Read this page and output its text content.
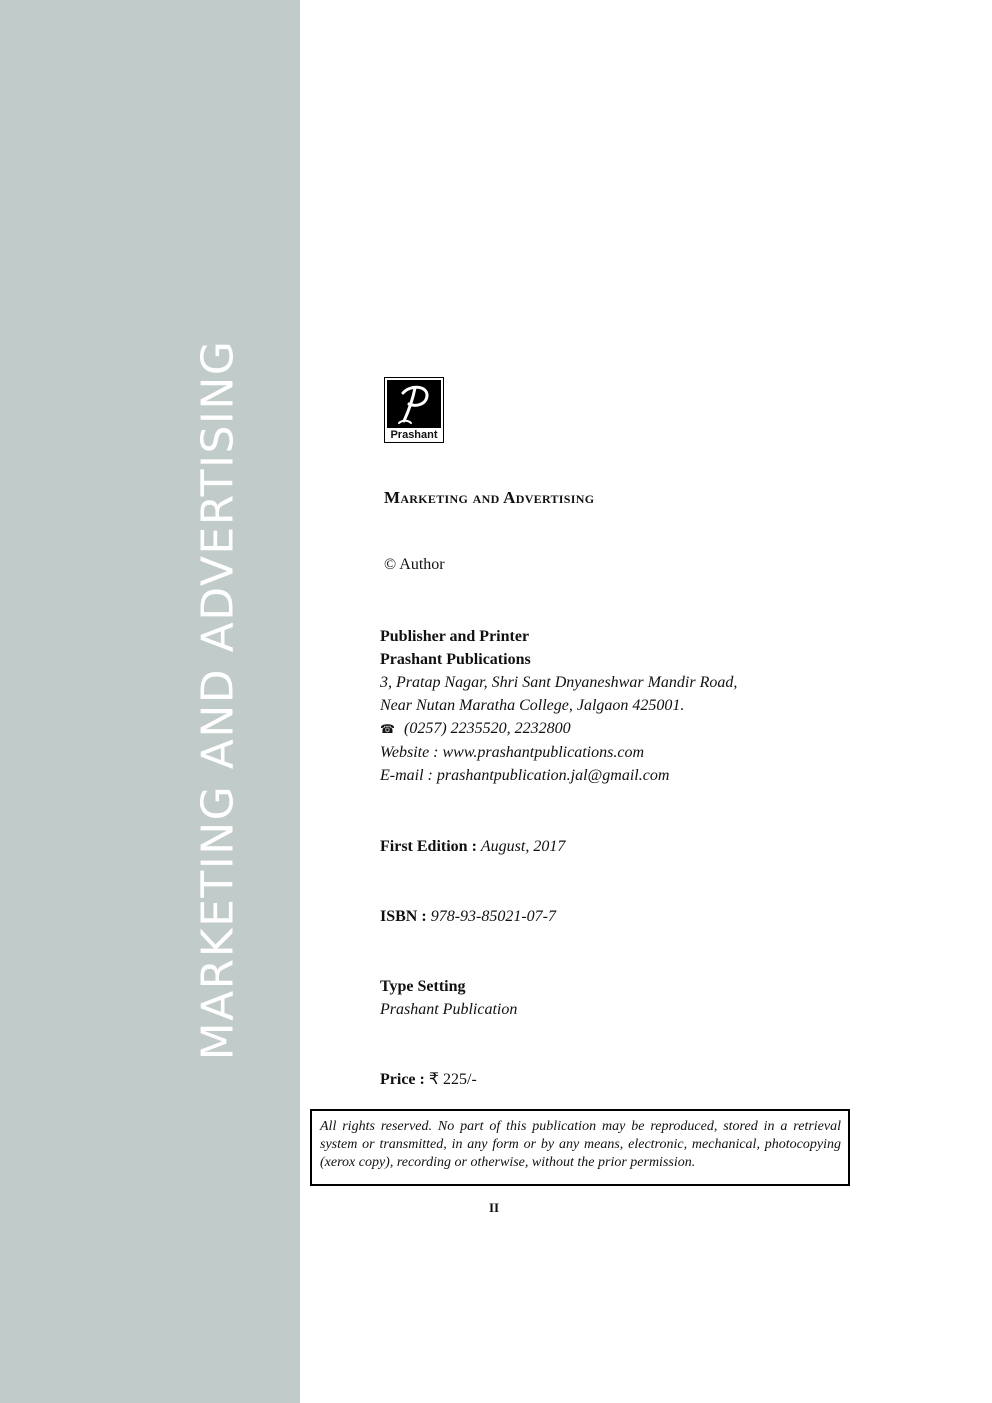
MARKETING AND ADVERTISING	Prashant
Marketing and Advertising
© Author
Publisher and Printer
Prashant Publications
3, Pratap Nagar, Shri Sant Dnyaneshwar Mandir Road,
Near Nutan Maratha College, Jalgaon 425001.
☎ (0257) 2235520, 2232800
Website : www.prashantpublications.com
E-mail : prashantpublication.jal@gmail.com
First Edition : August, 2017
ISBN : 978-93-85021-07-7
Type Setting
Prashant Publication
Price : ₹ 225/-
All rights reserved. No part of this publication may be reproduced, stored in a retrieval system or transmitted, in any form or by any means, electronic, mechanical, photocopying (xerox copy), recording or otherwise, without the prior permission.
II
